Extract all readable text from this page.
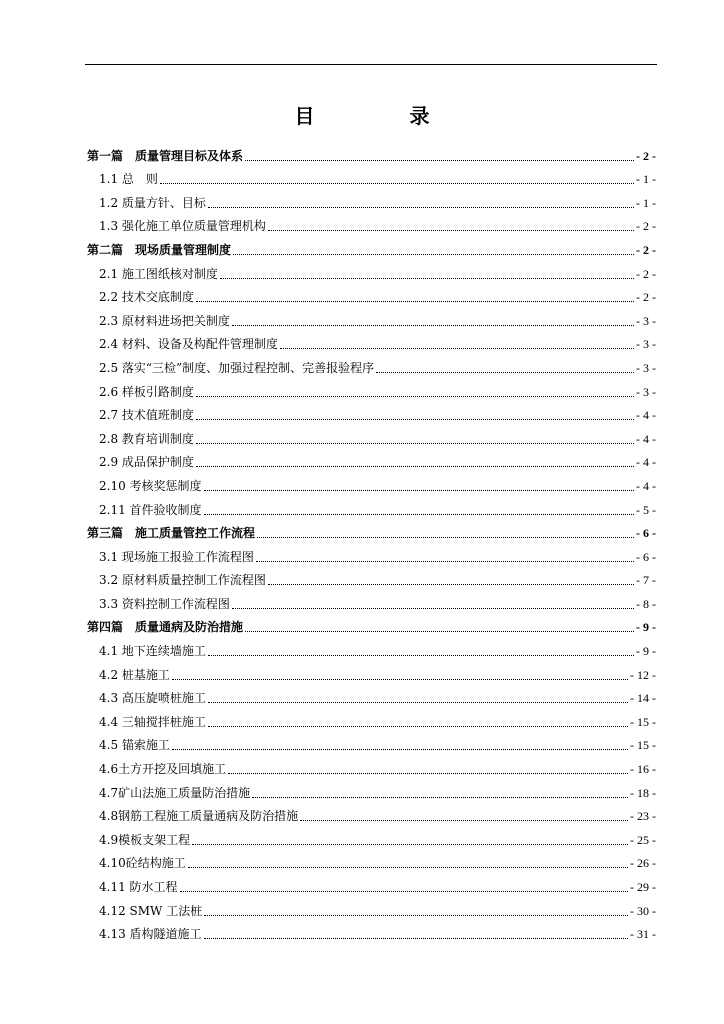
目 录
第一篇　质量管理目标及体系	- 2 -
1.1 总　则	- 1 -
1.2 质量方针、目标	- 1 -
1.3 强化施工单位质量管理机构	- 2 -
第二篇　现场质量管理制度	- 2 -
2.1 施工图纸核对制度	- 2 -
2.2 技术交底制度	- 2 -
2.3 原材料进场把关制度	- 3 -
2.4 材料、设备及构配件管理制度	- 3 -
2.5 落实“三检”制度、加强过程控制、完善报验程序	- 3 -
2.6 样板引路制度	- 3 -
2.7 技术值班制度	- 4 -
2.8 教育培训制度	- 4 -
2.9 成品保护制度	- 4 -
2.10 考核奖惩制度	- 4 -
2.11 首件验收制度	- 5 -
第三篇　施工质量管控工作流程	- 6 -
3.1 现场施工报验工作流程图	- 6 -
3.2 原材料质量控制工作流程图	- 7 -
3.3 资料控制工作流程图	- 8 -
第四篇　质量通病及防治措施	- 9 -
4.1 地下连续墙施工	- 9 -
4.2 桩基施工	- 12 -
4.3 高压旋喷桩施工	- 14 -
4.4 三轴搅拌桩施工	- 15 -
4.5 锚索施工	- 15 -
4.6土方开挖及回填施工	- 16 -
4.7矿山法施工质量防治措施	- 18 -
4.8钢筋工程施工质量通病及防治措施	- 23 -
4.9模板支架工程	- 25 -
4.10砼结构施工	- 26 -
4.11 防水工程	- 29 -
4.12 SMW 工法桩	- 30 -
4.13 盾构隧道施工	- 31 -
